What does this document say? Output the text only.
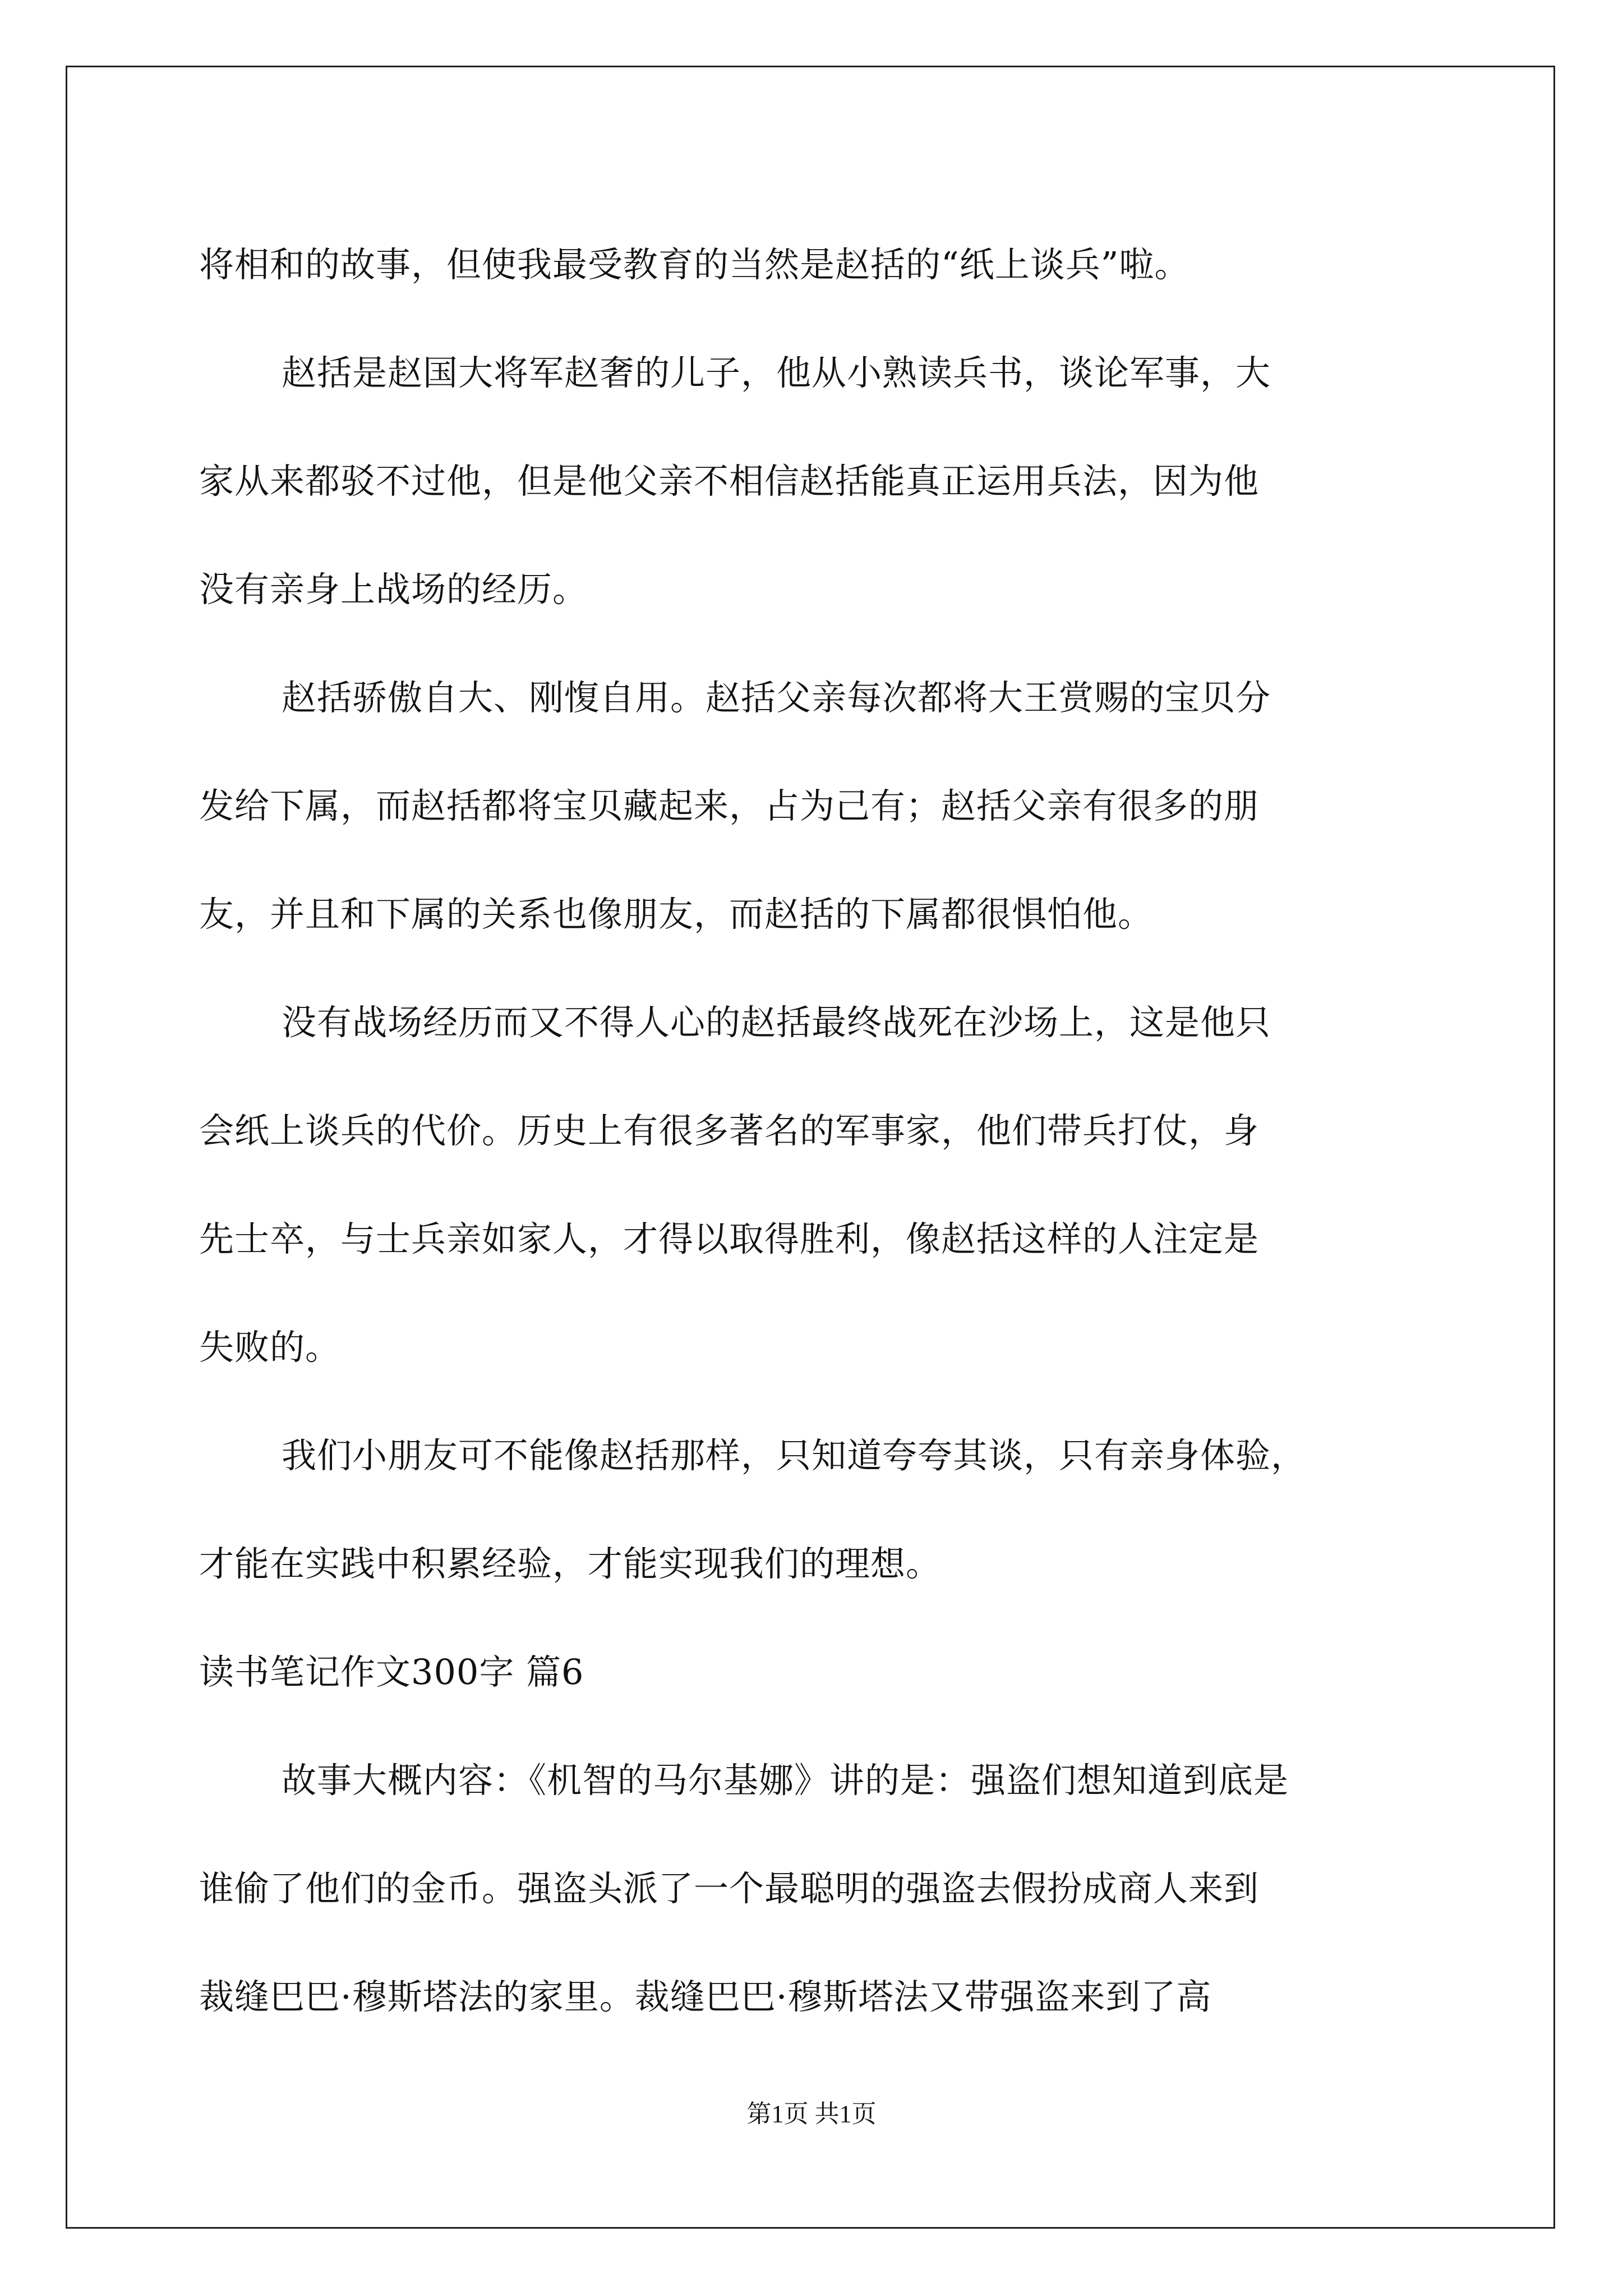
将相和的故事，但使我最受教育的当然是赵括的“纸上谈兵”啦。
赵括是赵国大将军赵奢的儿子，他从小熟读兵书，谈论军事，大
家从来都驳不过他，但是他父亲不相信赵括能真正运用兵法，因为他
没有亲身上战场的经历。
赵括骄傲自大、刚愎自用。赵括父亲每次都将大王赏赐的宝贝分
发给下属，而赵括都将宝贝藏起来，占为己有；赵括父亲有很多的朋
友，并且和下属的关系也像朋友，而赵括的下属都很惧怕他。
没有战场经历而又不得人心的赵括最终战死在沙场上，这是他只
会纸上谈兵的代价。历史上有很多著名的军事家，他们带兵打仗，身
先士卒，与士兵亲如家人，才得以取得胜利，像赵括这样的人注定是
失败的。
我们小朋友可不能像赵括那样，只知道夸夸其谈，只有亲身体验，
才能在实践中积累经验，才能实现我们的理想。
读书笔记作文300字 篇6
故事大概内容：《机智的马尔基娜》讲的是：强盗们想知道到底是
谁偷了他们的金币。强盗头派了一个最聪明的强盗去假扮成商人来到
裁缝巴巴·穆斯塔法的家里。裁缝巴巴·穆斯塔法又带强盗来到了高
第1页 共1页
